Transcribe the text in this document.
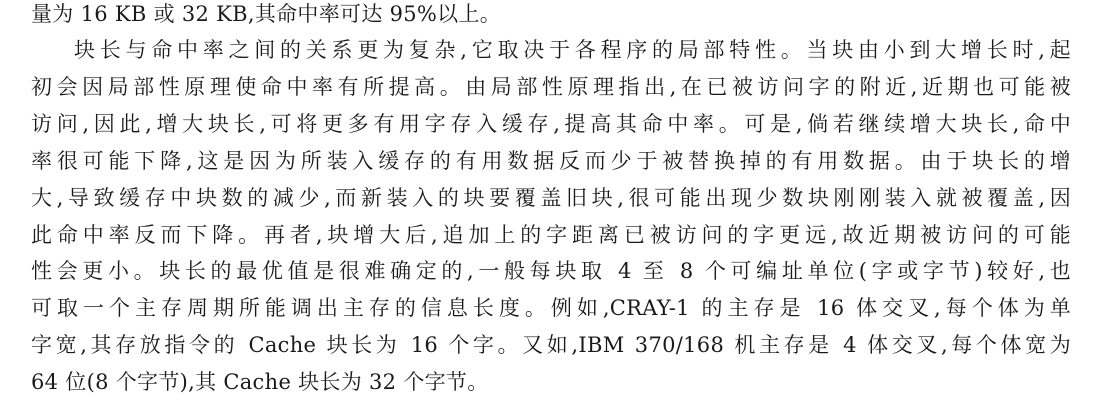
量为 16 KB 或 32 KB,其命中率可达 95%以上。
块长与命中率之间的关系更为复杂,它取决于各程序的局部特性。当块由小到大增长时,起
初会因局部性原理使命中率有所提高。由局部性原理指出,在已被访问字的附近,近期也可能被
访问,因此,增大块长,可将更多有用字存入缓存,提高其命中率。可是,倘若继续增大块长,命中
率很可能下降,这是因为所装入缓存的有用数据反而少于被替换掉的有用数据。由于块长的增
大,导致缓存中块数的减少,而新装入的块要覆盖旧块,很可能出现少数块刚刚装入就被覆盖,因
此命中率反而下降。再者,块增大后,追加上的字距离已被访问的字更远,故近期被访问的可能
性会更小。块长的最优值是很难确定的,一般每块取 4 至 8 个可编址单位(字或字节)较好,也
可取一个主存周期所能调出主存的信息长度。例如,CRAY-1 的主存是 16 体交叉,每个体为单
字宽,其存放指令的 Cache 块长为 16 个字。又如,IBM 370/168 机主存是 4 体交叉,每个体宽为
64 位(8 个字节),其 Cache 块长为 32 个字节。
